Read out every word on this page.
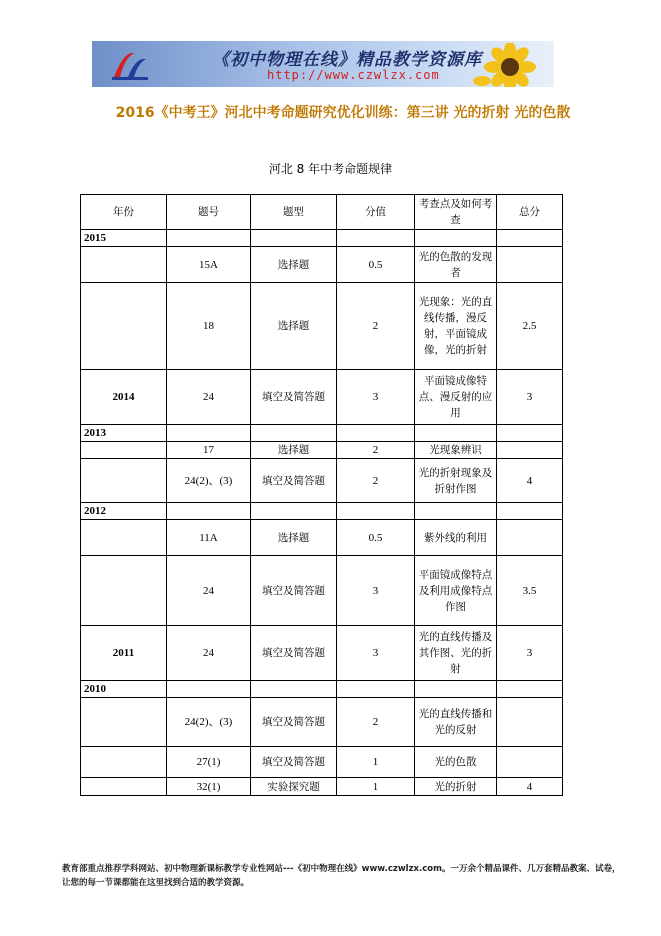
《初中物理在线》精品教学资源库
http://www.czwlzx.com
2016《中考王》河北中考命题研究优化训练：第三讲 光的折射 光的色散
河北 8 年中考命题规律
年份	题号	题型	分值	考查点及如何考查	总分
2015					
	15A	选择题	0.5	光的色散的发现者	
	18	选择题	2	光现象：光的直线传播，漫反射，平面镜成像，光的折射	2.5
2014	24	填空及简答题	3	平面镜成像特点、漫反射的应用	3
2013					
	17	选择题	2	光现象辨识	
	24(2)、(3)	填空及简答题	2	光的折射现象及折射作图	4
2012					
	11A	选择题	0.5	紫外线的利用	
	24	填空及简答题	3	平面镜成像特点及利用成像特点作图	3.5
2011	24	填空及简答题	3	光的直线传播及其作图、光的折射	3
2010					
	24(2)、(3)	填空及简答题	2	光的直线传播和光的反射	
	27(1)	填空及简答题	1	光的色散	
	32(1)	实验探究题	1	光的折射	4
教育部重点推荐学科网站、初中物理新课标教学专业性网站---《初中物理在线》www.czwlzx.com。一万余个精品课件、几万套精品教案、试卷，让您的每一节课都能在这里找到合适的教学资源。
